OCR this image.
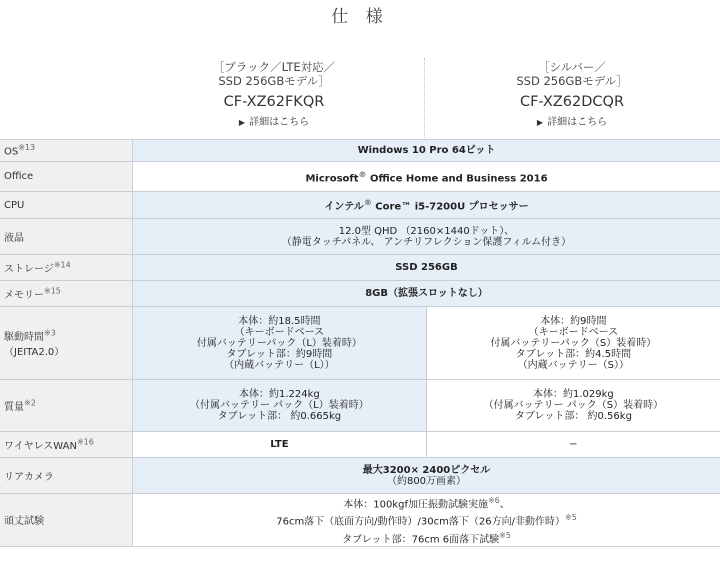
仕 様
［ブラック／LTE対応／
SSD 256GBモデル］
CF-XZ62FKQR
▶ 詳細はこちら
［シルバー／
SSD 256GBモデル］
CF-XZ62DCQR
▶ 詳細はこちら
OS$^{※13}$	Windows 10 Pro 64ビット	
Office	Microsoft® Office Home and Business 2016	
CPU	インテル® Core™ i5-7200U プロセッサー	
液晶	12.0型 QHD （2160×1440ドット）、
（静電タッチパネル、 アンチリフレクション保護フィルム付き）	
ストレージ$^{※14}$	SSD 256GB	
メモリー$^{※15}$	8GB（拡張スロットなし）	
駆動時間$^{※3}$
（JEITA2.0）	本体：約18.5時間
（キーボードベース
付属バッテリーパック（L）装着時）
タブレット部：約9時間
（内蔵バッテリー（L））	本体：約9時間
（キーボードベース
付属バッテリーパック（S）装着時）
タブレット部：約4.5時間
（内蔵バッテリー（S））
質量$^{※2}$	本体：約1.224kg
（付属バッテリー パック（L）装着時）
タブレット部： 約0.665kg	本体：約1.029kg
（付属バッテリー パック（S）装着時）
タブレット部： 約0.56kg
ワイヤレスWAN$^{※16}$	LTE	−
リアカメラ	最大3200× 2400ピクセル
（約800万画素）	
頑丈試験	本体：100kgf加圧振動試験実施$^{※6}$、
76cm落下（底面方向/動作時）/30cm落下（26方向/非動作時）$^{※5}$
タブレット部：76cm 6面落下試験$^{※5}$
